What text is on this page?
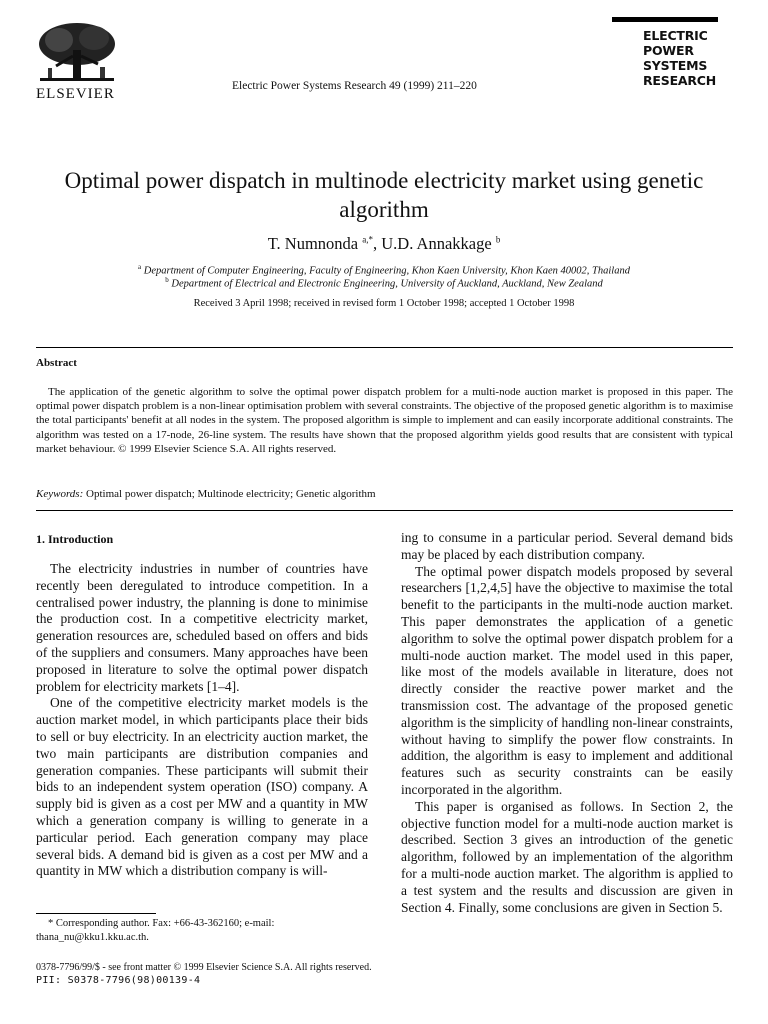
ELSEVIER	Electric Power Systems Research 49 (1999) 211–220
ELECTRIC
POWER
SYSTEMS
RESEARCH
Optimal power dispatch in multinode electricity market using genetic algorithm
T. Numnonda $^{a,*}$, U.D. Annakkage $^b$
$^a$ Department of Computer Engineering, Faculty of Engineering, Khon Kaen University, Khon Kaen 40002, Thailand
$^b$ Department of Electrical and Electronic Engineering, University of Auckland, Auckland, New Zealand
Received 3 April 1998; received in revised form 1 October 1998; accepted 1 October 1998
Abstract

The application of the genetic algorithm to solve the optimal power dispatch problem for a multi-node auction market is proposed in this paper. The optimal power dispatch problem is a non-linear optimisation problem with several constraints. The objective of the proposed genetic algorithm is to maximise the total participants' benefit at all nodes in the system. The proposed algorithm is simple to implement and can easily incorporate additional constraints. The algorithm was tested on a 17-node, 26-line system. The results have shown that the proposed algorithm yields good results that are consistent with typical market behaviour. © 1999 Elsevier Science S.A. All rights reserved.

Keywords: Optimal power dispatch; Multinode electricity; Genetic algorithm
1. Introduction

The electricity industries in number of countries have recently been deregulated to introduce competition. In a centralised power industry, the planning is done to minimise the production cost. In a competitive electricity market, generation resources are, scheduled based on offers and bids of the suppliers and consumers. Many approaches have been proposed in literature to solve the optimal power dispatch problem for electricity markets [1–4].

One of the competitive electricity market models is the auction market model, in which participants place their bids to sell or buy electricity. In an electricity auction market, the two main participants are distribution companies and generation companies. These participants will submit their bids to an independent system operation (ISO) company. A supply bid is given as a cost per MW and a quantity in MW which a generation company is willing to generate in a particular period. Each generation company may place several bids. A demand bid is given as a cost per MW and a quantity in MW which a distribution company is will-

ing to consume in a particular period. Several demand bids may be placed by each distribution company.

The optimal power dispatch models proposed by several researchers [1,2,4,5] have the objective to maximise the total benefit to the participants in the multi-node auction market. This paper demonstrates the application of a genetic algorithm to solve the optimal power dispatch problem for a multi-node auction market. The model used in this paper, like most of the models available in literature, does not directly consider the reactive power market and the transmission cost. The advantage of the proposed genetic algorithm is the simplicity of handling non-linear constraints, without having to simplify the power flow constraints. In addition, the algorithm is easy to implement and additional features such as security constraints can be easily incorporated in the algorithm.

This paper is organised as follows. In Section 2, the objective function model for a multi-node auction market is described. Section 3 gives an introduction of the genetic algorithm, followed by an implementation of the algorithm for a multi-node auction market. The algorithm is applied to a test system and the results and discussion are given in Section 4. Finally, some conclusions are given in Section 5.

* Corresponding author. Fax: +66-43-362160; e-mail: thana_nu@kku1.kku.ac.th.
0378-7796/99/$ - see front matter © 1999 Elsevier Science S.A. All rights reserved.
PII: S0378-7796(98)00139-4
